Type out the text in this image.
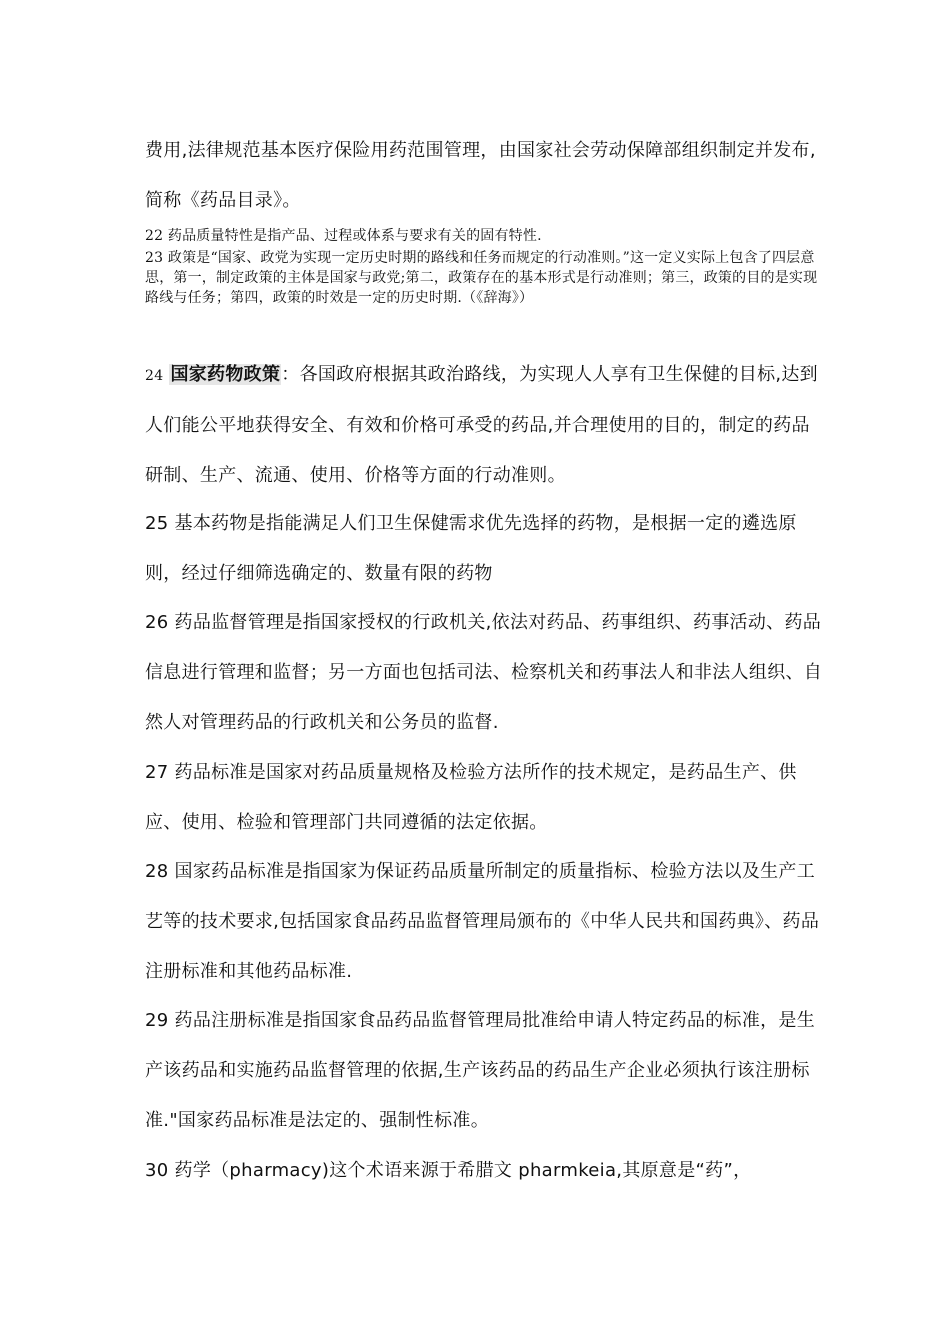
费用,法律规范基本医疗保险用药范围管理，由国家社会劳动保障部组织制定并发布,简称《药品目录》。

22 药品质量特性是指产品、过程或体系与要求有关的固有特性.

23 政策是“国家、政党为实现一定历史时期的路线和任务而规定的行动准则。”这一定义实际上包含了四层意思，第一，制定政策的主体是国家与政党;第二，政策存在的基本形式是行动准则；第三，政策的目的是实现路线与任务；第四，政策的时效是一定的历史时期.（《辞海》）

24 国家药物政策：各国政府根据其政治路线，为实现人人享有卫生保健的目标,达到人们能公平地获得安全、有效和价格可承受的药品,并合理使用的目的，制定的药品研制、生产、流通、使用、价格等方面的行动准则。

25 基本药物是指能满足人们卫生保健需求优先选择的药物，是根据一定的遴选原则，经过仔细筛选确定的、数量有限的药物

26 药品监督管理是指国家授权的行政机关,依法对药品、药事组织、药事活动、药品信息进行管理和监督；另一方面也包括司法、检察机关和药事法人和非法人组织、自然人对管理药品的行政机关和公务员的监督.

27 药品标准是国家对药品质量规格及检验方法所作的技术规定，是药品生产、供应、使用、检验和管理部门共同遵循的法定依据。

28 国家药品标准是指国家为保证药品质量所制定的质量指标、检验方法以及生产工艺等的技术要求,包括国家食品药品监督管理局颁布的《中华人民共和国药典》、药品注册标准和其他药品标准.

29 药品注册标准是指国家食品药品监督管理局批准给申请人特定药品的标准，是生产该药品和实施药品监督管理的依据,生产该药品的药品生产企业必须执行该注册标准."国家药品标准是法定的、强制性标准。

30 药学（pharmacy)这个术语来源于希腊文 pharmkeia,其原意是“药”，
